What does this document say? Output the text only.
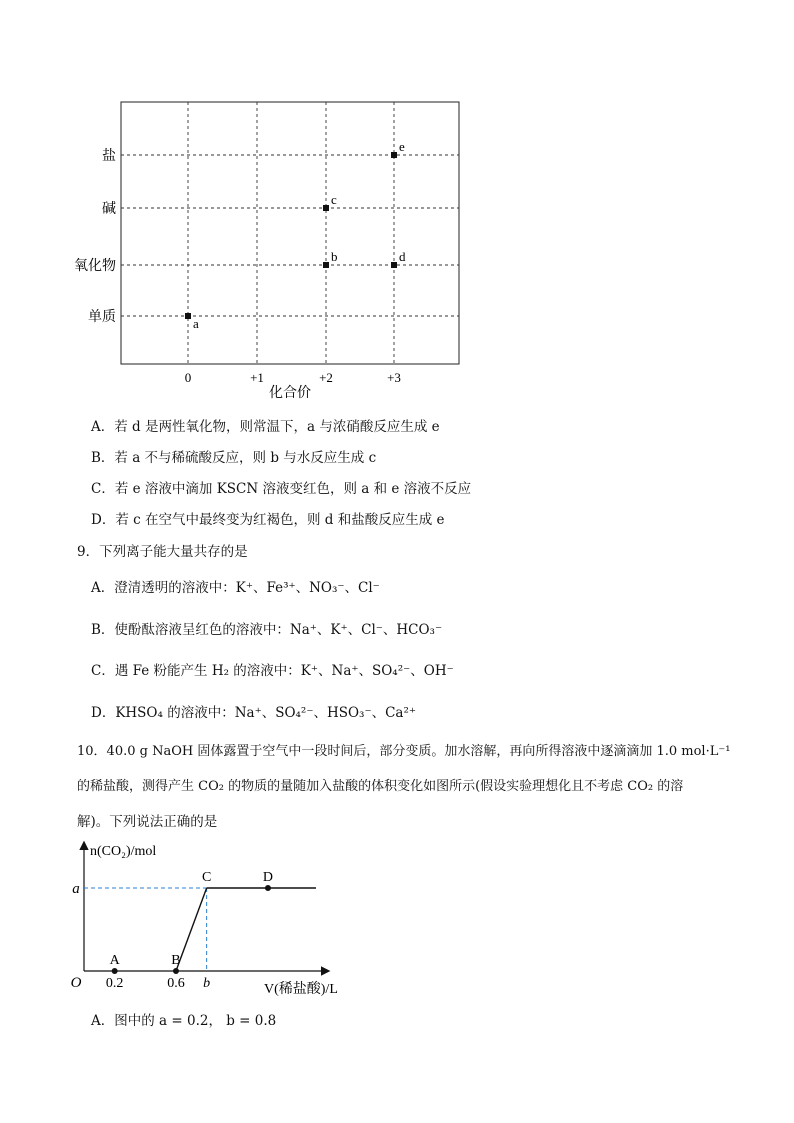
单质
氧化物
碱
盐
0	+1	+2	+3
a
b
c
d
e
化合价
A．若 d 是两性氧化物，则常温下，a 与浓硝酸反应生成 e
B．若 a 不与稀硫酸反应，则 b 与水反应生成 c
C．若 e 溶液中滴加 KSCN 溶液变红色，则 a 和 e 溶液不反应
D．若 c 在空气中最终变为红褐色，则 d 和盐酸反应生成 e
9．下列离子能大量共存的是
A．澄清透明的溶液中：K⁺、Fe³⁺、NO₃⁻、Cl⁻
B．使酚酞溶液呈红色的溶液中：Na⁺、K⁺、Cl⁻、HCO₃⁻
C．遇 Fe 粉能产生 H₂ 的溶液中：K⁺、Na⁺、SO₄²⁻、OH⁻
D．KHSO₄ 的溶液中：Na⁺、SO₄²⁻、HSO₃⁻、Ca²⁺
10．40.0 g NaOH 固体露置于空气中一段时间后，部分变质。加水溶解，再向所得溶液中逐滴滴加 1.0 mol·L⁻¹
的稀盐酸，测得产生 CO₂ 的物质的量随加入盐酸的体积变化如图所示(假设实验理想化且不考虑 CO₂ 的溶
解)。下列说法正确的是
A	B
C	D
n(CO₂)/mol
V(稀盐酸)/L
O
a
0.2	0.6 b
A．图中的 a = 0.2， b = 0.8
